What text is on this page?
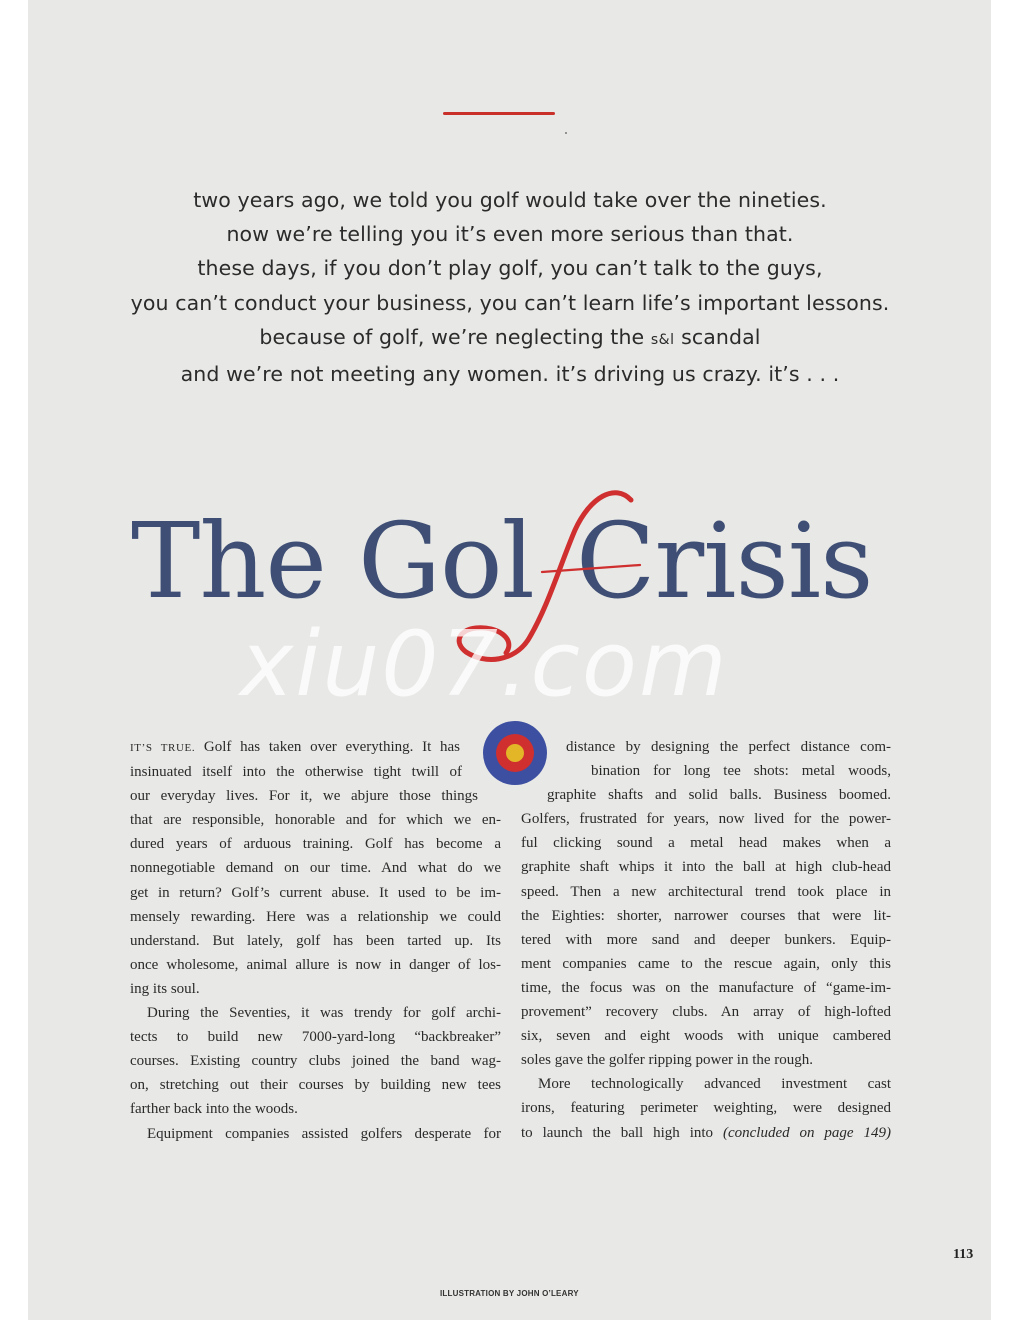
two years ago, we told you golf would take over the nineties.
now we’re telling you it’s even more serious than that.
these days, if you don’t play golf, you can’t talk to the guys,
you can’t conduct your business, you can’t learn life’s important lessons.
because of golf, we’re neglecting the s&l scandal
and we’re not meeting any women. it’s driving us crazy. it’s . . .
The Gol Crisis
xiu07.com
IT’S TRUE. Golf has taken over everything. It has
insinuated itself into the otherwise tight twill of
our everyday lives. For it, we abjure those things
that are responsible, honorable and for which we en-
dured years of arduous training. Golf has become a
nonnegotiable demand on our time. And what do we
get in return? Golf’s current abuse. It used to be im-
mensely rewarding. Here was a relationship we could
understand. But lately, golf has been tarted up. Its
once wholesome, animal allure is now in danger of los-
ing its soul.
During the Seventies, it was trendy for golf archi-
tects to build new 7000-yard-long “backbreaker”
courses. Existing country clubs joined the band wag-
on, stretching out their courses by building new tees
farther back into the woods.
Equipment companies assisted golfers desperate for
distance by designing the perfect distance com-
bination for long tee shots: metal woods,
graphite shafts and solid balls. Business boomed.
Golfers, frustrated for years, now lived for the power-
ful clicking sound a metal head makes when a
graphite shaft whips it into the ball at high club-head
speed. Then a new architectural trend took place in
the Eighties: shorter, narrower courses that were lit-
tered with more sand and deeper bunkers. Equip-
ment companies came to the rescue again, only this
time, the focus was on the manufacture of “game-im-
provement” recovery clubs. An array of high-lofted
six, seven and eight woods with unique cambered
soles gave the golfer ripping power in the rough.
More technologically advanced investment cast
irons, featuring perimeter weighting, were designed
to launch the ball high into (concluded on page 149)
113
ILLUSTRATION BY JOHN O’LEARY
